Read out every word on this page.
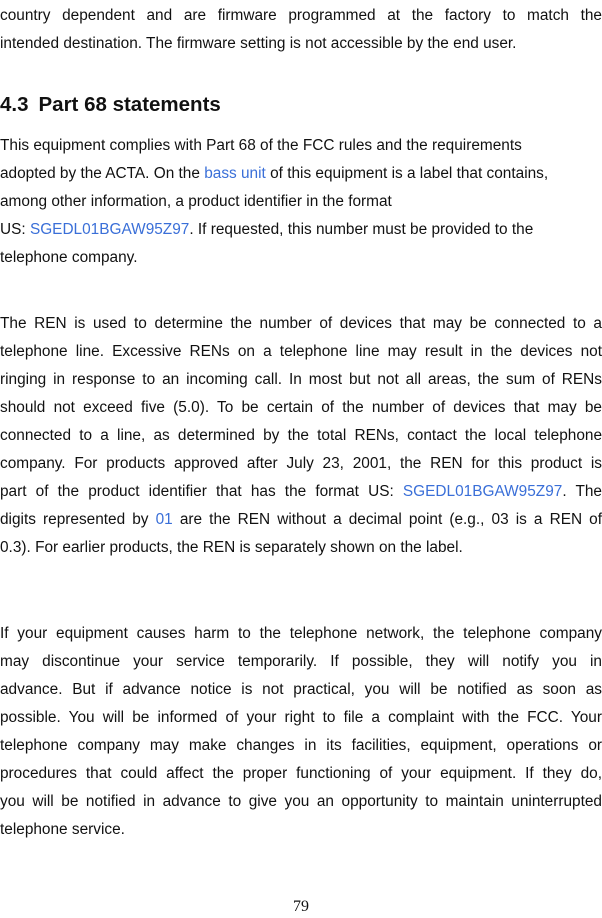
country dependent and are firmware programmed at the factory to match the
intended destination. The firmware setting is not accessible by the end user.
4.3 Part 68 statements
This equipment complies with Part 68 of the FCC rules and the requirements
adopted by the ACTA. On the bass unit of this equipment is a label that contains,
among other information, a product identifier in the format
US: SGEDL01BGAW95Z97. If requested, this number must be provided to the
telephone company.
The REN is used to determine the number of devices that may be connected to a
telephone line. Excessive RENs on a telephone line may result in the devices not
ringing in response to an incoming call. In most but not all areas, the sum of RENs
should not exceed five (5.0). To be certain of the number of devices that may be
connected to a line, as determined by the total RENs, contact the local telephone
company. For products approved after July 23, 2001, the REN for this product is
part of the product identifier that has the format US: SGEDL01BGAW95Z97. The
digits represented by 01 are the REN without a decimal point (e.g., 03 is a REN of
0.3). For earlier products, the REN is separately shown on the label.
If your equipment causes harm to the telephone network, the telephone company
may discontinue your service temporarily. If possible, they will notify you in
advance. But if advance notice is not practical, you will be notified as soon as
possible. You will be informed of your right to file a complaint with the FCC. Your
telephone company may make changes in its facilities, equipment, operations or
procedures that could affect the proper functioning of your equipment. If they do,
you will be notified in advance to give you an opportunity to maintain uninterrupted
telephone service.
79
